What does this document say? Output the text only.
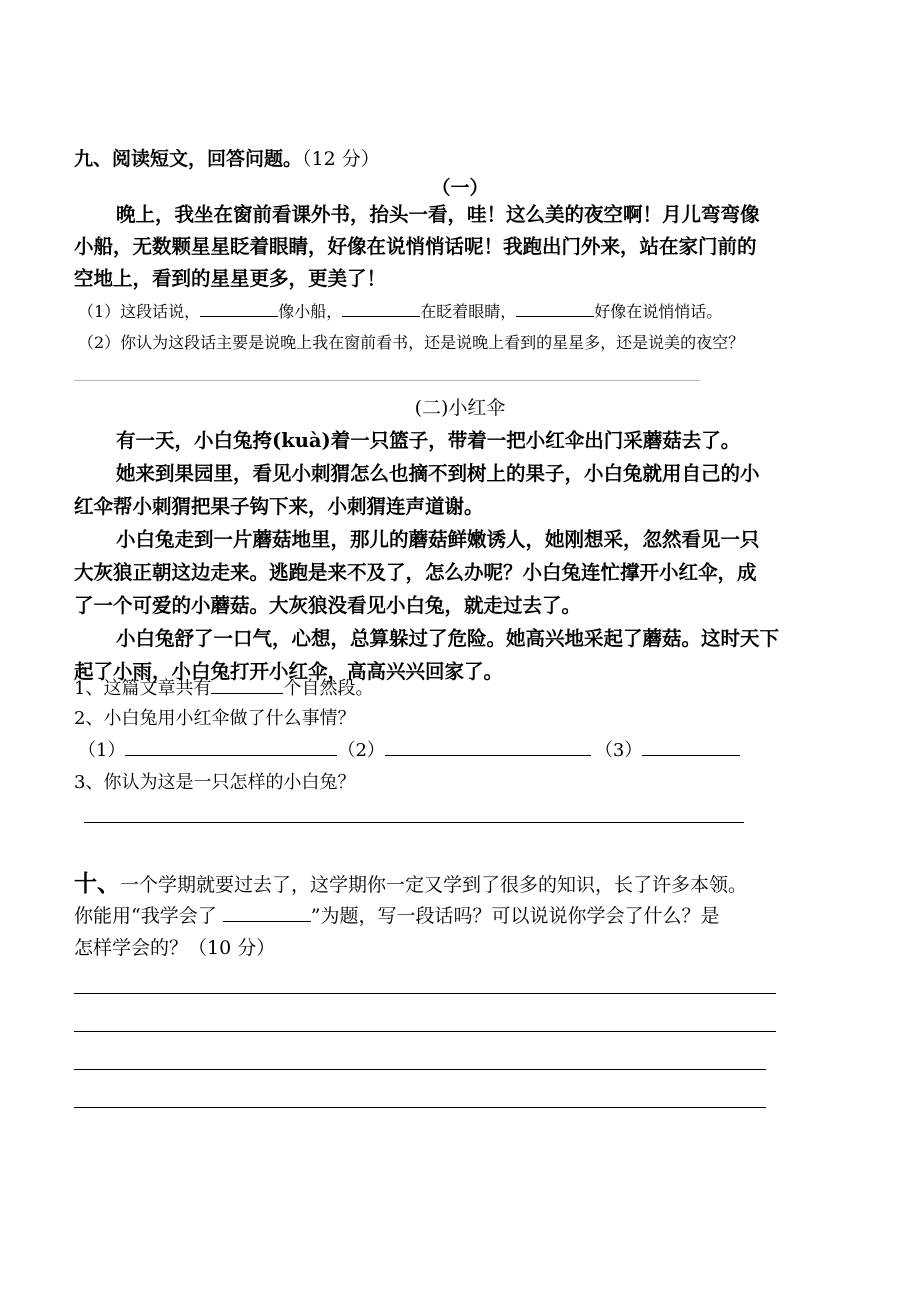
九、阅读短文，回答问题。（12 分）
（一）
晚上，我坐在窗前看课外书，抬头一看，哇！这么美的夜空啊！月儿弯弯像
小船，无数颗星星眨着眼睛，好像在说悄悄话呢！我跑出门外来，站在家门前的
空地上，看到的星星更多，更美了！
（1）这段话说，	像小船，	在眨着眼睛，	好像在说悄悄话。
（2）你认为这段话主要是说晚上我在窗前看书，还是说晚上看到的星星多，还是说美的夜空？
(二)小红伞
有一天，小白兔挎(kuà)着一只篮子，带着一把小红伞出门采蘑菇去了。
她来到果园里，看见小刺猬怎么也摘不到树上的果子，小白兔就用自己的小
红伞帮小刺猬把果子钩下来，小刺猬连声道谢。
小白兔走到一片蘑菇地里，那儿的蘑菇鲜嫩诱人，她刚想采，忽然看见一只
大灰狼正朝这边走来。逃跑是来不及了，怎么办呢？小白兔连忙撑开小红伞，成
了一个可爱的小蘑菇。大灰狼没看见小白兔，就走过去了。
小白兔舒了一口气，心想，总算躲过了危险。她高兴地采起了蘑菇。这时天下
起了小雨，小白兔打开小红伞，高高兴兴回家了。
1、这篇文章共有	个自然段。
2、小白兔用小红伞做了什么事情？
（1）	（2）	（3）
3、你认为这是一只怎样的小白兔？
十、一个学期就要过去了，这学期你一定又学到了很多的知识，长了许多本领。
你能用“我学会了	”为题，写一段话吗？可以说说你学会了什么？是
怎样学会的？（10 分）
